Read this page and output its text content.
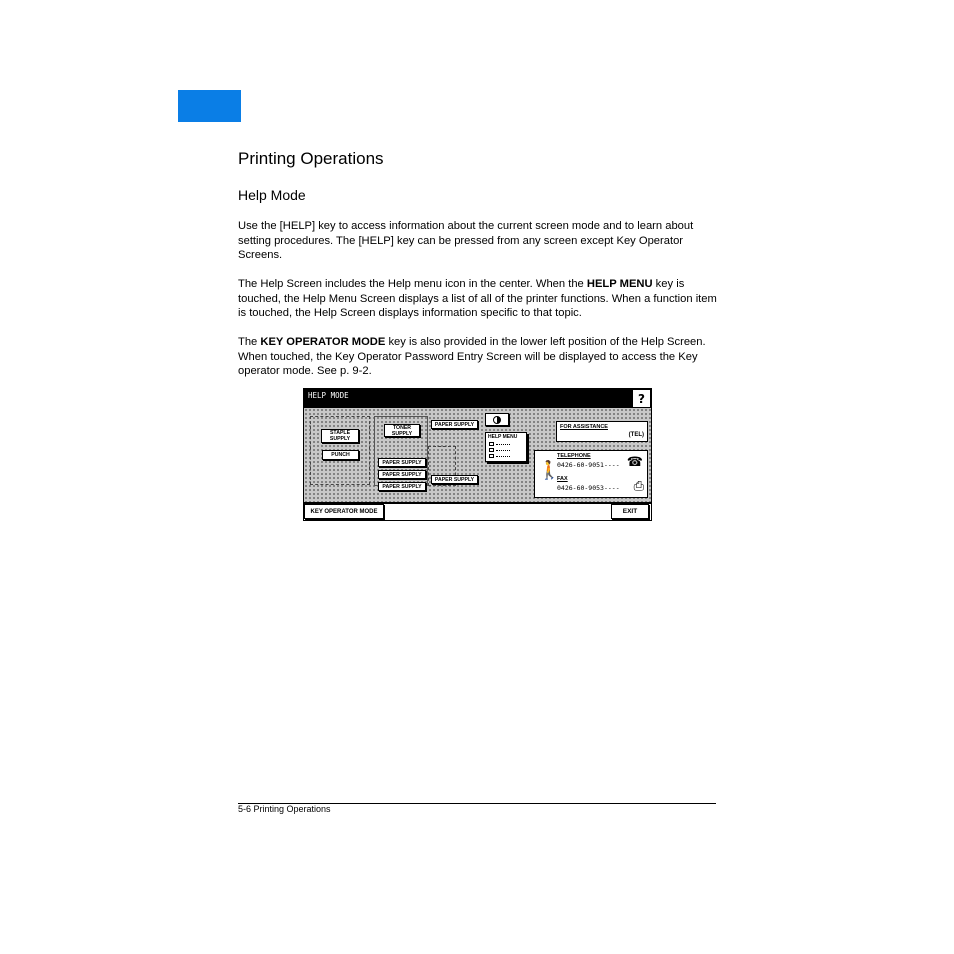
Printing Operations
Help Mode

Use the [HELP] key to access information about the current screen mode and to learn about setting procedures. The [HELP] key can be pressed from any screen except Key Operator Screens.

The Help Screen includes the Help menu icon in the center. When the HELP MENU key is touched, the Help Menu Screen displays a list of all of the printer functions. When a function item is touched, the Help Screen displays information specific to that topic.

The KEY OPERATOR MODE key is also provided in the lower left position of the Help Screen. When touched, the Key Operator Password Entry Screen will be displayed to access the Key operator mode. See p. 9-2.

HELP MODE	?
STAPLE SUPPLY
PUNCH
TONER SUPPLY
PAPER SUPPLY
PAPER SUPPLY
PAPER SUPPLY
PAPER SUPPLY
PAPER SUPPLY
HELP MENU
FOR ASSISTANCE
(TEL)
🚶
TELEPHONE
0426-60-9051----
FAX
0426-60-9053----
☎
⎙
KEY OPERATOR MODE	EXIT
5-6 Printing Operations
